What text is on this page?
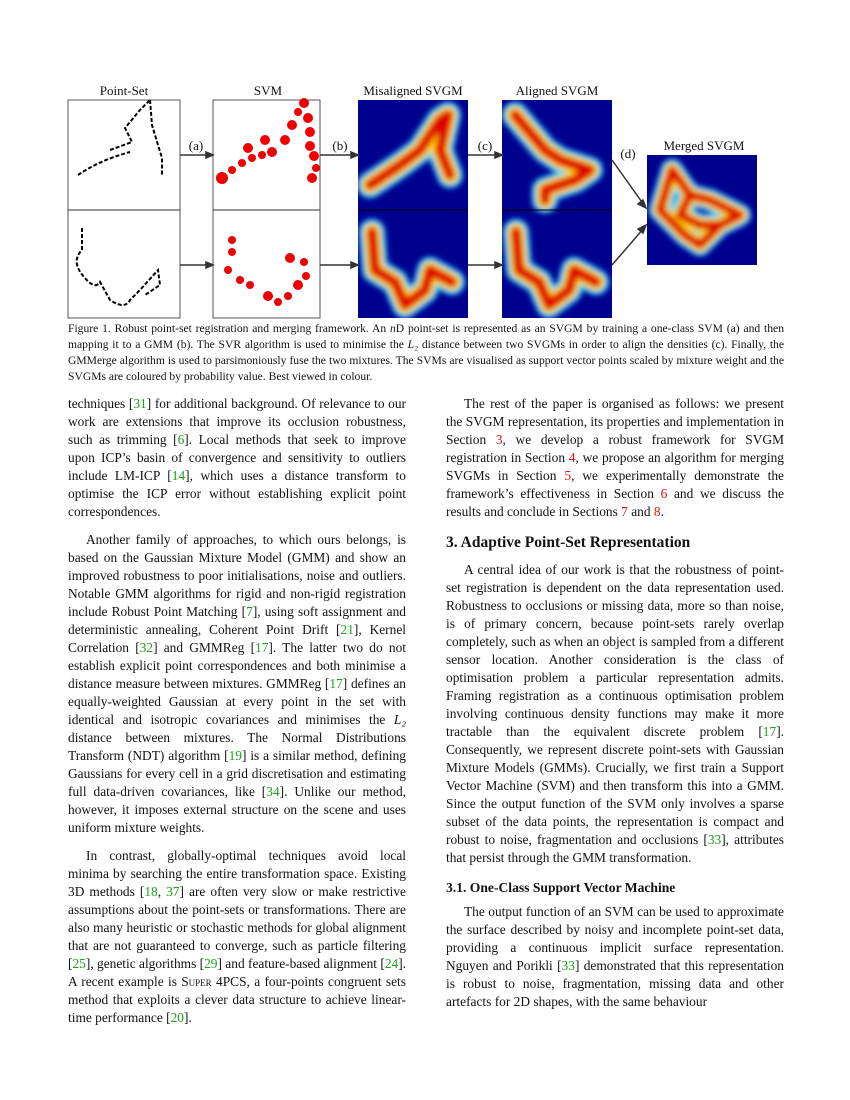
Point-Set	SVM	Misaligned SVGM	Aligned SVGM
Merged SVGM
(a)	(b)	(c)
(d)
Figure 1. Robust point-set registration and merging framework. An nD point-set is represented as an SVGM by training a one-class SVM (a) and then mapping it to a GMM (b). The SVR algorithm is used to minimise the L₂ distance between two SVGMs in order to align the densities (c). Finally, the GMMerge algorithm is used to parsimoniously fuse the two mixtures. The SVMs are visualised as support vector points scaled by mixture weight and the SVGMs are coloured by probability value. Best viewed in colour.
techniques [31] for additional background. Of relevance to our work are extensions that improve its occlusion robustness, such as trimming [6]. Local methods that seek to improve upon ICP’s basin of convergence and sensitivity to outliers include LM-ICP [14], which uses a distance transform to optimise the ICP error without establishing explicit point correspondences.
Another family of approaches, to which ours belongs, is based on the Gaussian Mixture Model (GMM) and show an improved robustness to poor initialisations, noise and outliers. Notable GMM algorithms for rigid and non-rigid registration include Robust Point Matching [7], using soft assignment and deterministic annealing, Coherent Point Drift [21], Kernel Correlation [32] and GMMReg [17]. The latter two do not establish explicit point correspondences and both minimise a distance measure between mixtures. GMMReg [17] defines an equally-weighted Gaussian at every point in the set with identical and isotropic covariances and minimises the L₂ distance between mixtures. The Normal Distributions Transform (NDT) algorithm [19] is a similar method, defining Gaussians for every cell in a grid discretisation and estimating full data-driven covariances, like [34]. Unlike our method, however, it imposes external structure on the scene and uses uniform mixture weights.
In contrast, globally-optimal techniques avoid local minima by searching the entire transformation space. Existing 3D methods [18, 37] are often very slow or make restrictive assumptions about the point-sets or transformations. There are also many heuristic or stochastic methods for global alignment that are not guaranteed to converge, such as particle filtering [25], genetic algorithms [29] and feature-based alignment [24]. A recent example is Super 4PCS, a four-points congruent sets method that exploits a clever data structure to achieve linear-time performance [20].
The rest of the paper is organised as follows: we present the SVGM representation, its properties and implementation in Section 3, we develop a robust framework for SVGM registration in Section 4, we propose an algorithm for merging SVGMs in Section 5, we experimentally demonstrate the framework’s effectiveness in Section 6 and we discuss the results and conclude in Sections 7 and 8.
3. Adaptive Point-Set Representation
A central idea of our work is that the robustness of point-set registration is dependent on the data representation used. Robustness to occlusions or missing data, more so than noise, is of primary concern, because point-sets rarely overlap completely, such as when an object is sampled from a different sensor location. Another consideration is the class of optimisation problem a particular representation admits. Framing registration as a continuous optimisation problem involving continuous density functions may make it more tractable than the equivalent discrete problem [17]. Consequently, we represent discrete point-sets with Gaussian Mixture Models (GMMs). Crucially, we first train a Support Vector Machine (SVM) and then transform this into a GMM. Since the output function of the SVM only involves a sparse subset of the data points, the representation is compact and robust to noise, fragmentation and occlusions [33], attributes that persist through the GMM transformation.
3.1. One-Class Support Vector Machine
The output function of an SVM can be used to approximate the surface described by noisy and incomplete point-set data, providing a continuous implicit surface representation. Nguyen and Porikli [33] demonstrated that this representation is robust to noise, fragmentation, missing data and other artefacts for 2D shapes, with the same behaviour
